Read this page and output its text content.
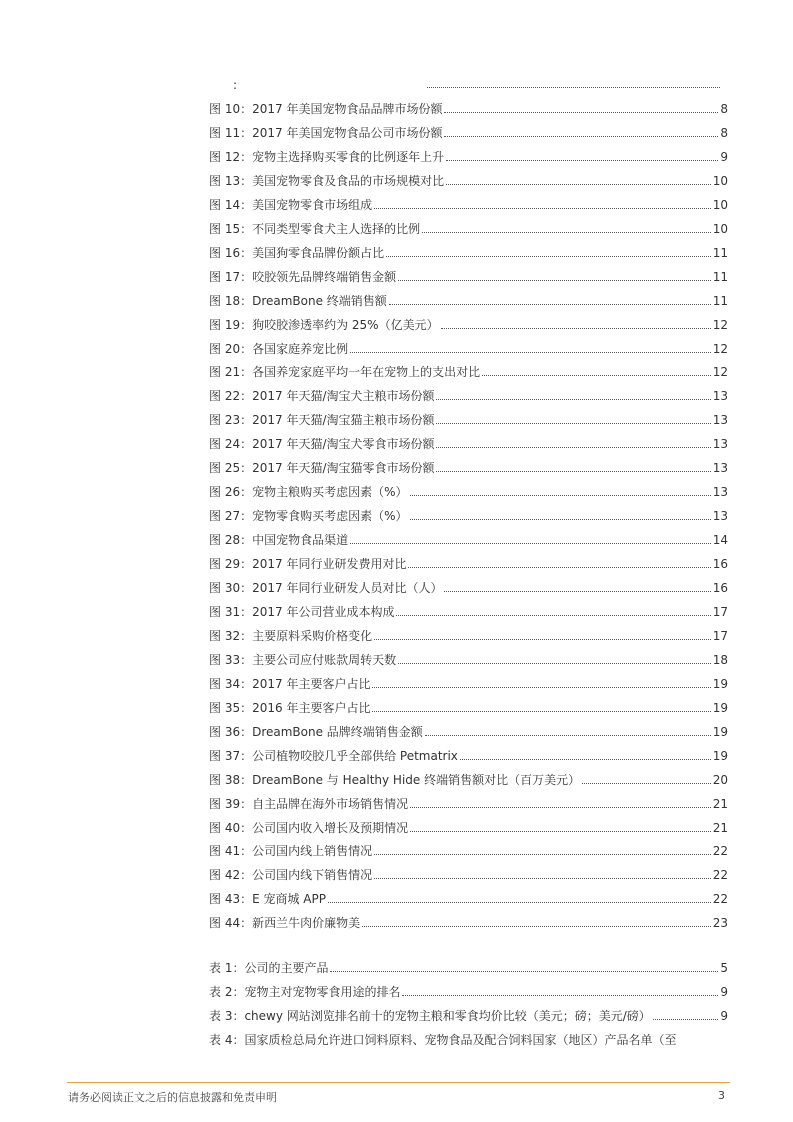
:
图 10：2017 年美国宠物食品品牌市场份额	8
图 11：2017 年美国宠物食品公司市场份额	8
图 12：宠物主选择购买零食的比例逐年上升	9
图 13：美国宠物零食及食品的市场规模对比	10
图 14：美国宠物零食市场组成	10
图 15：不同类型零食犬主人选择的比例	10
图 16：美国狗零食品牌份额占比	11
图 17：咬胶领先品牌终端销售金额	11
图 18：DreamBone 终端销售额	11
图 19：狗咬胶渗透率约为 25%（亿美元）	12
图 20：各国家庭养宠比例	12
图 21：各国养宠家庭平均一年在宠物上的支出对比	12
图 22：2017 年天猫/淘宝犬主粮市场份额	13
图 23：2017 年天猫/淘宝猫主粮市场份额	13
图 24：2017 年天猫/淘宝犬零食市场份额	13
图 25：2017 年天猫/淘宝猫零食市场份额	13
图 26：宠物主粮购买考虑因素（%）	13
图 27：宠物零食购买考虑因素（%）	13
图 28：中国宠物食品渠道	14
图 29：2017 年同行业研发费用对比	16
图 30：2017 年同行业研发人员对比（人）	16
图 31：2017 年公司营业成本构成	17
图 32：主要原料采购价格变化	17
图 33：主要公司应付账款周转天数	18
图 34：2017 年主要客户占比	19
图 35：2016 年主要客户占比	19
图 36：DreamBone 品牌终端销售金额	19
图 37：公司植物咬胶几乎全部供给 Petmatrix	19
图 38：DreamBone 与 Healthy Hide 终端销售额对比（百万美元）	20
图 39：自主品牌在海外市场销售情况	21
图 40：公司国内收入增长及预期情况	21
图 41：公司国内线上销售情况	22
图 42：公司国内线下销售情况	22
图 43：E 宠商城 APP	22
图 44：新西兰牛肉价廉物美	23
表 1：公司的主要产品	5
表 2：宠物主对宠物零食用途的排名	9
表 3：chewy 网站浏览排名前十的宠物主粮和零食均价比较（美元；磅；美元/磅）	9
表 4：国家质检总局允许进口饲料原料、宠物食品及配合饲料国家（地区）产品名单（至
请务必阅读正文之后的信息披露和免责申明	3
